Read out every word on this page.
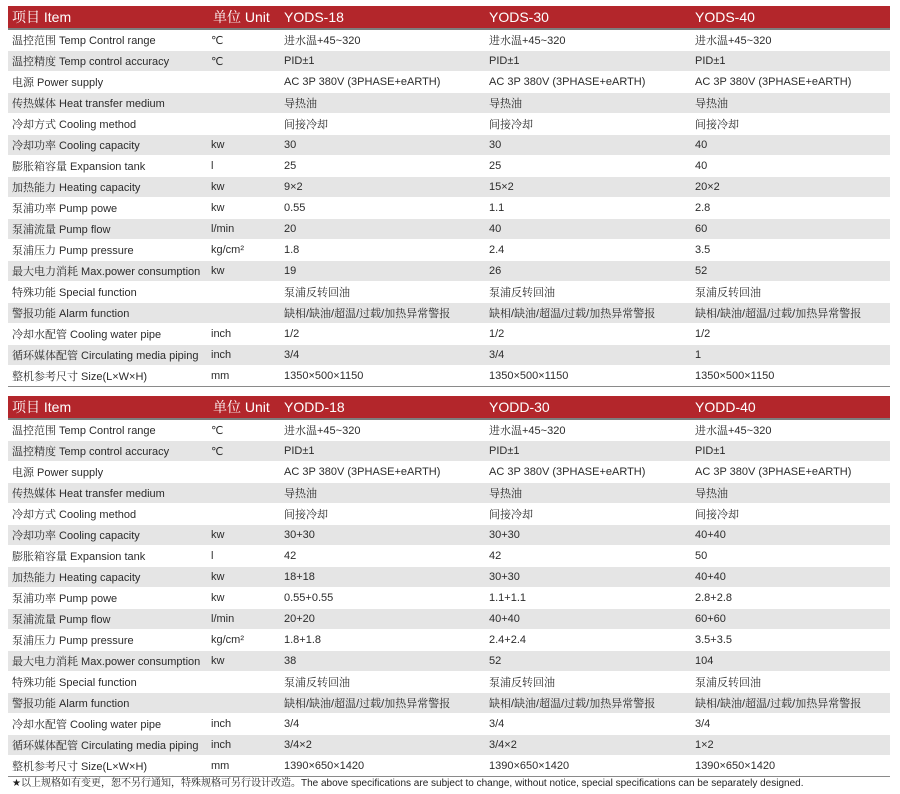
项目 Item	单位 Unit	YODS-18	YODS-30	YODS-40
温控范围 Temp Control range	℃	进水温+45~320	进水温+45~320	进水温+45~320
温控精度 Temp control accuracy	℃	PID±1	PID±1	PID±1
电源 Power supply		AC 3P 380V (3PHASE+eARTH)	AC 3P 380V (3PHASE+eARTH)	AC 3P 380V (3PHASE+eARTH)
传热媒体 Heat transfer medium		导热油	导热油	导热油
冷却方式 Cooling method		间接冷却	间接冷却	间接冷却
冷却功率 Cooling capacity	kw	30	30	40
膨胀箱容量 Expansion tank	l	25	25	40
加热能力 Heating capacity	kw	9×2	15×2	20×2
泵浦功率 Pump powe	kw	0.55	1.1	2.8
泵浦流量 Pump flow	l/min	20	40	60
泵浦压力 Pump pressure	kg/cm²	1.8	2.4	3.5
最大电力消耗 Max.power consumption	kw	19	26	52
特殊功能 Special function		泵浦反转回油	泵浦反转回油	泵浦反转回油
警报功能 Alarm function		缺相/缺油/超温/过载/加热异常警报	缺相/缺油/超温/过载/加热异常警报	缺相/缺油/超温/过载/加热异常警报
冷却水配管 Cooling water pipe	inch	1/2	1/2	1/2
循环媒体配管 Circulating media piping	inch	3/4	3/4	1
整机参考尺寸 Size(L×W×H)	mm	1350×500×1150	1350×500×1150	1350×500×1150
项目 Item	单位 Unit	YODD-18	YODD-30	YODD-40
温控范围 Temp Control range	℃	进水温+45~320	进水温+45~320	进水温+45~320
温控精度 Temp control accuracy	℃	PID±1	PID±1	PID±1
电源 Power supply		AC 3P 380V (3PHASE+eARTH)	AC 3P 380V (3PHASE+eARTH)	AC 3P 380V (3PHASE+eARTH)
传热媒体 Heat transfer medium		导热油	导热油	导热油
冷却方式 Cooling method		间接冷却	间接冷却	间接冷却
冷却功率 Cooling capacity	kw	30+30	30+30	40+40
膨胀箱容量 Expansion tank	l	42	42	50
加热能力 Heating capacity	kw	18+18	30+30	40+40
泵浦功率 Pump powe	kw	0.55+0.55	1.1+1.1	2.8+2.8
泵浦流量 Pump flow	l/min	20+20	40+40	60+60
泵浦压力 Pump pressure	kg/cm²	1.8+1.8	2.4+2.4	3.5+3.5
最大电力消耗 Max.power consumption	kw	38	52	104
特殊功能 Special function		泵浦反转回油	泵浦反转回油	泵浦反转回油
警报功能 Alarm function		缺相/缺油/超温/过载/加热异常警报	缺相/缺油/超温/过载/加热异常警报	缺相/缺油/超温/过载/加热异常警报
冷却水配管 Cooling water pipe	inch	3/4	3/4	3/4
循环媒体配管 Circulating media piping	inch	3/4×2	3/4×2	1×2
整机参考尺寸 Size(L×W×H)	mm	1390×650×1420	1390×650×1420	1390×650×1420
★以上规格如有变更，恕不另行通知，特殊规格可另行设计改造。The above specifications are subject to change, without notice, special specifications can be separately designed.
